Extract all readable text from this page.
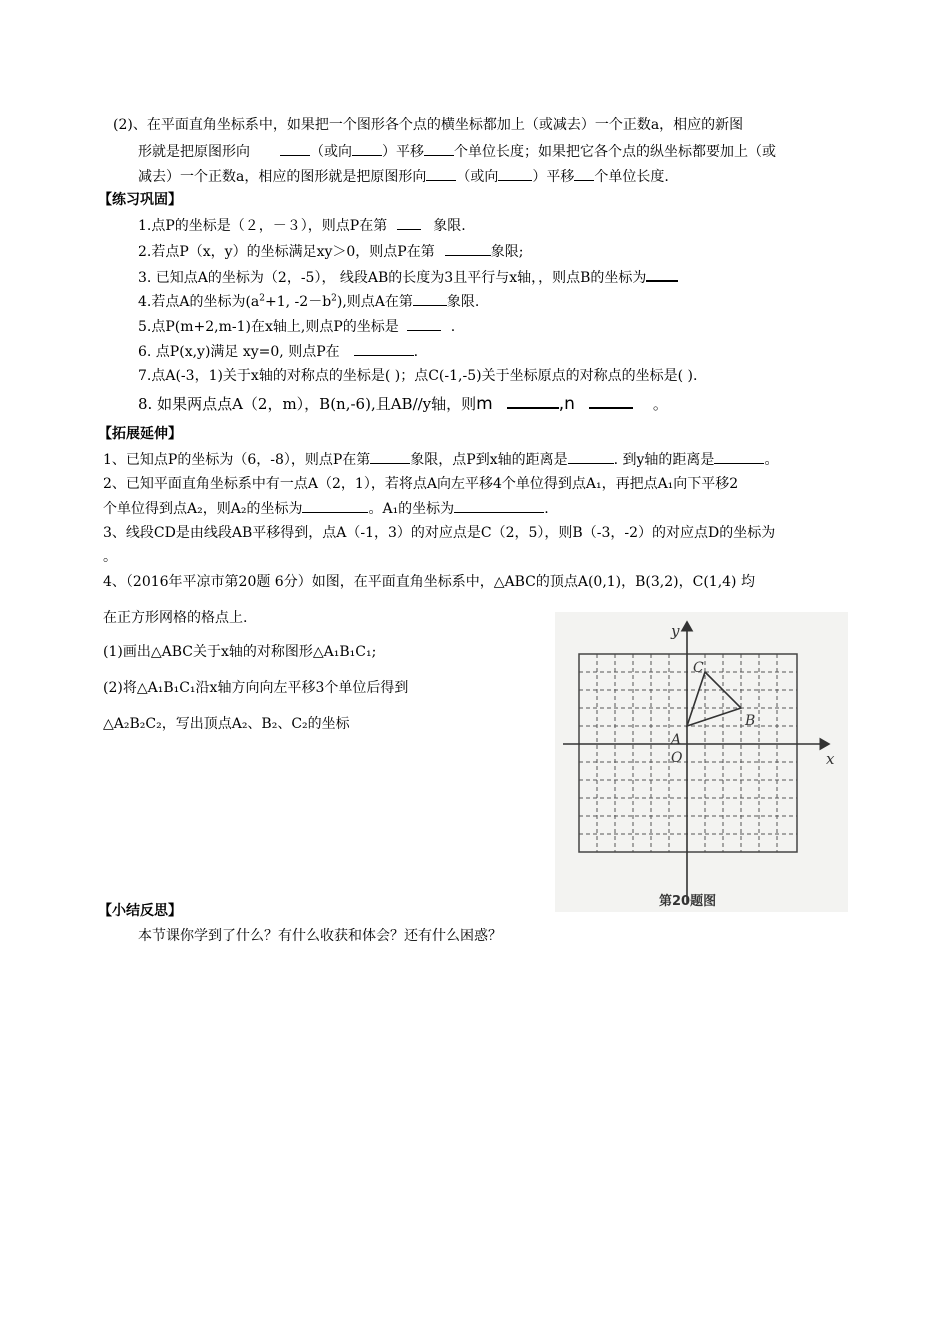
(2)、在平面直角坐标系中，如果把一个图形各个点的横坐标都加上（或减去）一个正数a，相应的新图
形就是把原图形向	（或向 ）平移 个单位长度；如果把它各个点的纵坐标都要加上（或
减去）一个正数a，相应的图形就是把原图形向 （或向 ）平移 个单位长度.
【练习巩固】
1.点P的坐标是（２，－３），则点P在第	象限.
2.若点P（x，y）的坐标满足xy＞0，则点P在第	象限;
3. 已知点A的坐标为（2，-5）， 线段AB的长度为3且平行与x轴，，则点B的坐标为
4.若点A的坐标为($a^2+1$, $-2-b^2$),则点A在第 象限.
5.点P(m+2,m-1)在x轴上,则点P的坐标是	.
6. 点P(x,y)满足 xy=0, 则点P在	.
7.点A(-3，1)关于x轴的对称点的坐标是( )；点C(-1,-5)关于坐标原点的对称点的坐标是( ).
8. 如果两点点A（2，m），B(n,-6),且AB//y轴，则m	,n	。
【拓展延伸】
1、已知点P的坐标为（6，-8），则点P在第	象限，点P到x轴的距离是	. 到y轴的距离是	。
2、已知平面直角坐标系中有一点A（2，1），若将点A向左平移4个单位得到点A₁，再把点A₁向下平移2
个单位得到点A₂，则A₂的坐标为	。A₁的坐标为	.
3、线段CD是由线段AB平移得到，点A（-1，3）的对应点是C（2，5），则B（-3，-2）的对应点D的坐标为
。
4、（2016年平凉市第20题 6分）如图，在平面直角坐标系中，△ABC的顶点A(0,1)，B(3,2)，C(1,4) 均
在正方形网格的格点上.
(1)画出△ABC关于x轴的对称图形△A₁B₁C₁;
(2)将△A₁B₁C₁沿x轴方向向左平移3个单位后得到
△A₂B₂C₂，写出顶点A₂、B₂、C₂的坐标
y
x
O
A
B
C
第20题图
【小结反思】
本节课你学到了什么？有什么收获和体会？还有什么困惑？
